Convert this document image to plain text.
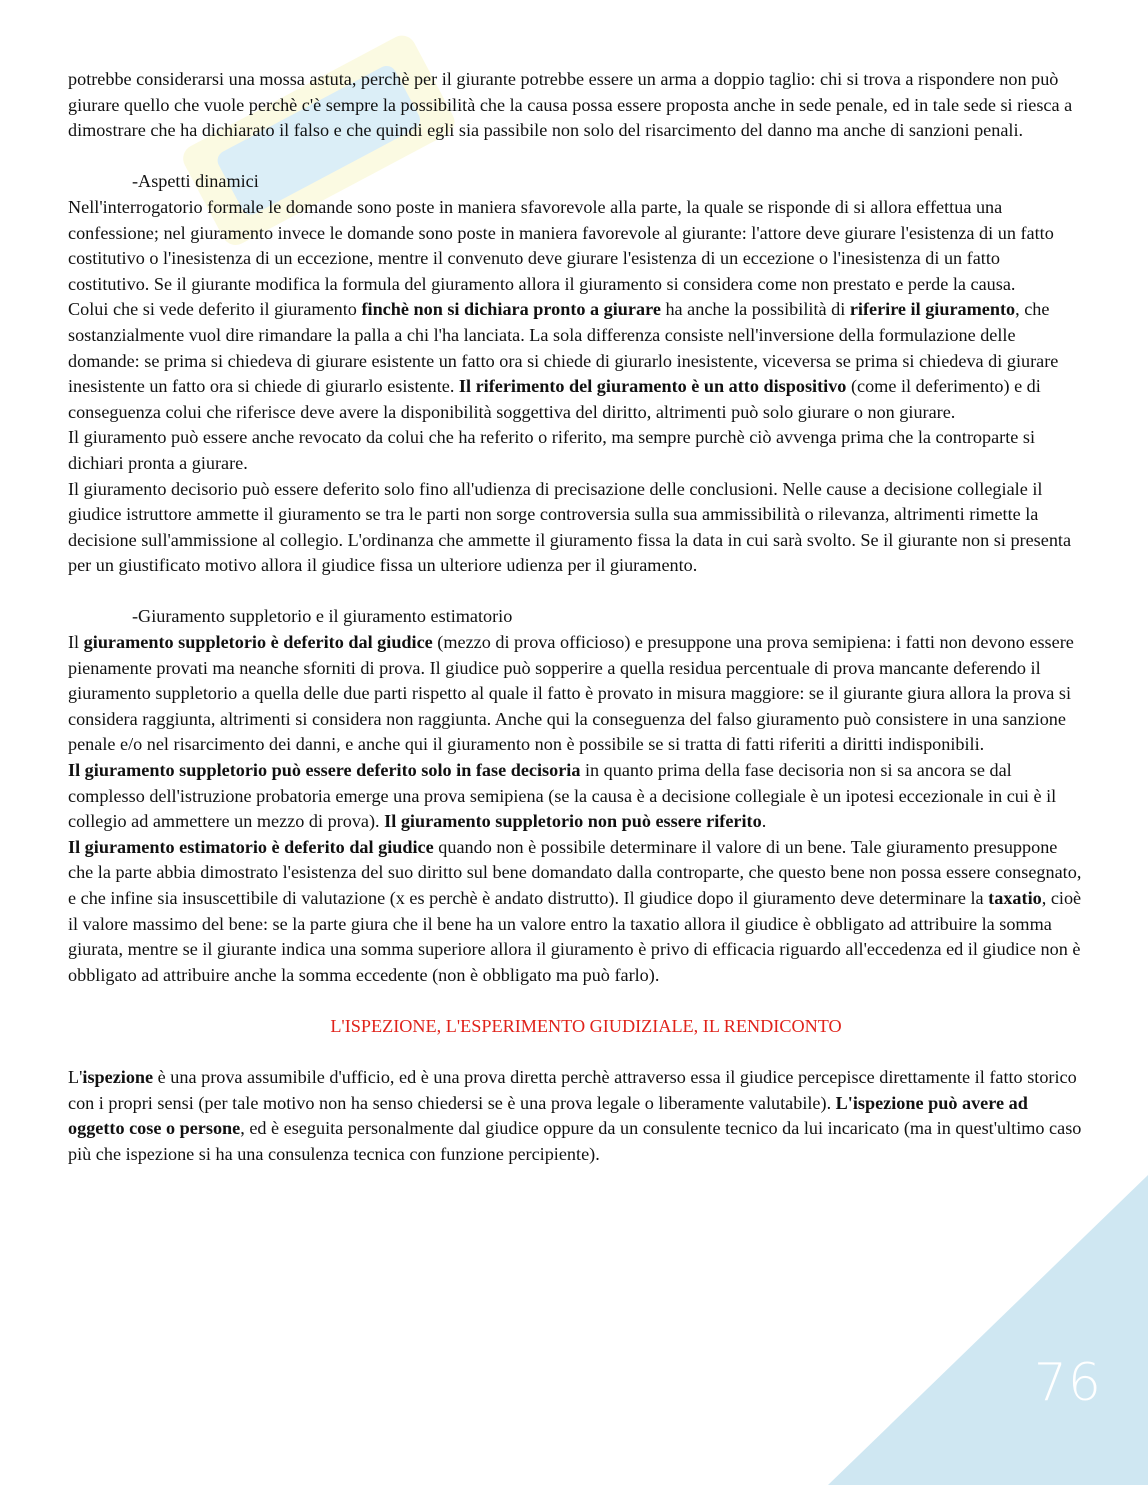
76

potrebbe considerarsi una mossa astuta, perchè per il giurante potrebbe essere un arma a doppio taglio: chi si trova a rispondere non può giurare quello che vuole perchè c'è sempre la possibilità che la causa possa essere proposta anche in sede penale, ed in tale sede si riesca a dimostrare che ha dichiarato il falso e che quindi egli sia passibile non solo del risarcimento del danno ma anche di sanzioni penali.

-Aspetti dinamici

Nell'interrogatorio formale le domande sono poste in maniera sfavorevole alla parte, la quale se risponde di si allora effettua una confessione; nel giuramento invece le domande sono poste in maniera favorevole al giurante: l'attore deve giurare l'esistenza di un fatto costitutivo o l'inesistenza di un eccezione, mentre il convenuto deve giurare l'esistenza di un eccezione o l'inesistenza di un fatto costitutivo. Se il giurante modifica la formula del giuramento allora il giuramento si considera come non prestato e perde la causa.

Colui che si vede deferito il giuramento finchè non si dichiara pronto a giurare ha anche la possibilità di riferire il giuramento, che sostanzialmente vuol dire rimandare la palla a chi l'ha lanciata. La sola differenza consiste nell'inversione della formulazione delle domande: se prima si chiedeva di giurare esistente un fatto ora si chiede di giurarlo inesistente, viceversa se prima si chiedeva di giurare inesistente un fatto ora si chiede di giurarlo esistente. Il riferimento del giuramento è un atto dispositivo (come il deferimento) e di conseguenza colui che riferisce deve avere la disponibilità soggettiva del diritto, altrimenti può solo giurare o non giurare.

Il giuramento può essere anche revocato da colui che ha referito o riferito, ma sempre purchè ciò avvenga prima che la controparte si dichiari pronta a giurare.

Il giuramento decisorio può essere deferito solo fino all'udienza di precisazione delle conclusioni. Nelle cause a decisione collegiale il giudice istruttore ammette il giuramento se tra le parti non sorge controversia sulla sua ammissibilità o rilevanza, altrimenti rimette la decisione sull'ammissione al collegio. L'ordinanza che ammette il giuramento fissa la data in cui sarà svolto. Se il giurante non si presenta per un giustificato motivo allora il giudice fissa un ulteriore udienza per il giuramento.

-Giuramento suppletorio e il giuramento estimatorio

Il giuramento suppletorio è deferito dal giudice (mezzo di prova officioso) e presuppone una prova semipiena: i fatti non devono essere pienamente provati ma neanche sforniti di prova. Il giudice può sopperire a quella residua percentuale di prova mancante deferendo il giuramento suppletorio a quella delle due parti rispetto al quale il fatto è provato in misura maggiore: se il giurante giura allora la prova si considera raggiunta, altrimenti si considera non raggiunta. Anche qui la conseguenza del falso giuramento può consistere in una sanzione penale e/o nel risarcimento dei danni, e anche qui il giuramento non è possibile se si tratta di fatti riferiti a diritti indisponibili.

Il giuramento suppletorio può essere deferito solo in fase decisoria in quanto prima della fase decisoria non si sa ancora se dal complesso dell'istruzione probatoria emerge una prova semipiena (se la causa è a decisione collegiale è un ipotesi eccezionale in cui è il collegio ad ammettere un mezzo di prova). Il giuramento suppletorio non può essere riferito.

Il giuramento estimatorio è deferito dal giudice quando non è possibile determinare il valore di un bene. Tale giuramento presuppone che la parte abbia dimostrato l'esistenza del suo diritto sul bene domandato dalla controparte, che questo bene non possa essere consegnato, e che infine sia insuscettibile di valutazione (x es perchè è andato distrutto). Il giudice dopo il giuramento deve determinare la taxatio, cioè il valore massimo del bene: se la parte giura che il bene ha un valore entro la taxatio allora il giudice è obbligato ad attribuire la somma giurata, mentre se il giurante indica una somma superiore allora il giuramento è privo di efficacia riguardo all'eccedenza ed il giudice non è obbligato ad attribuire anche la somma eccedente (non è obbligato ma può farlo).

L'ISPEZIONE, L'ESPERIMENTO GIUDIZIALE, IL RENDICONTO

L'ispezione è una prova assumibile d'ufficio, ed è una prova diretta perchè attraverso essa il giudice percepisce direttamente il fatto storico con i propri sensi (per tale motivo non ha senso chiedersi se è una prova legale o liberamente valutabile). L'ispezione può avere ad oggetto cose o persone, ed è eseguita personalmente dal giudice oppure da un consulente tecnico da lui incaricato (ma in quest'ultimo caso più che ispezione si ha una consulenza tecnica con funzione percipiente).
